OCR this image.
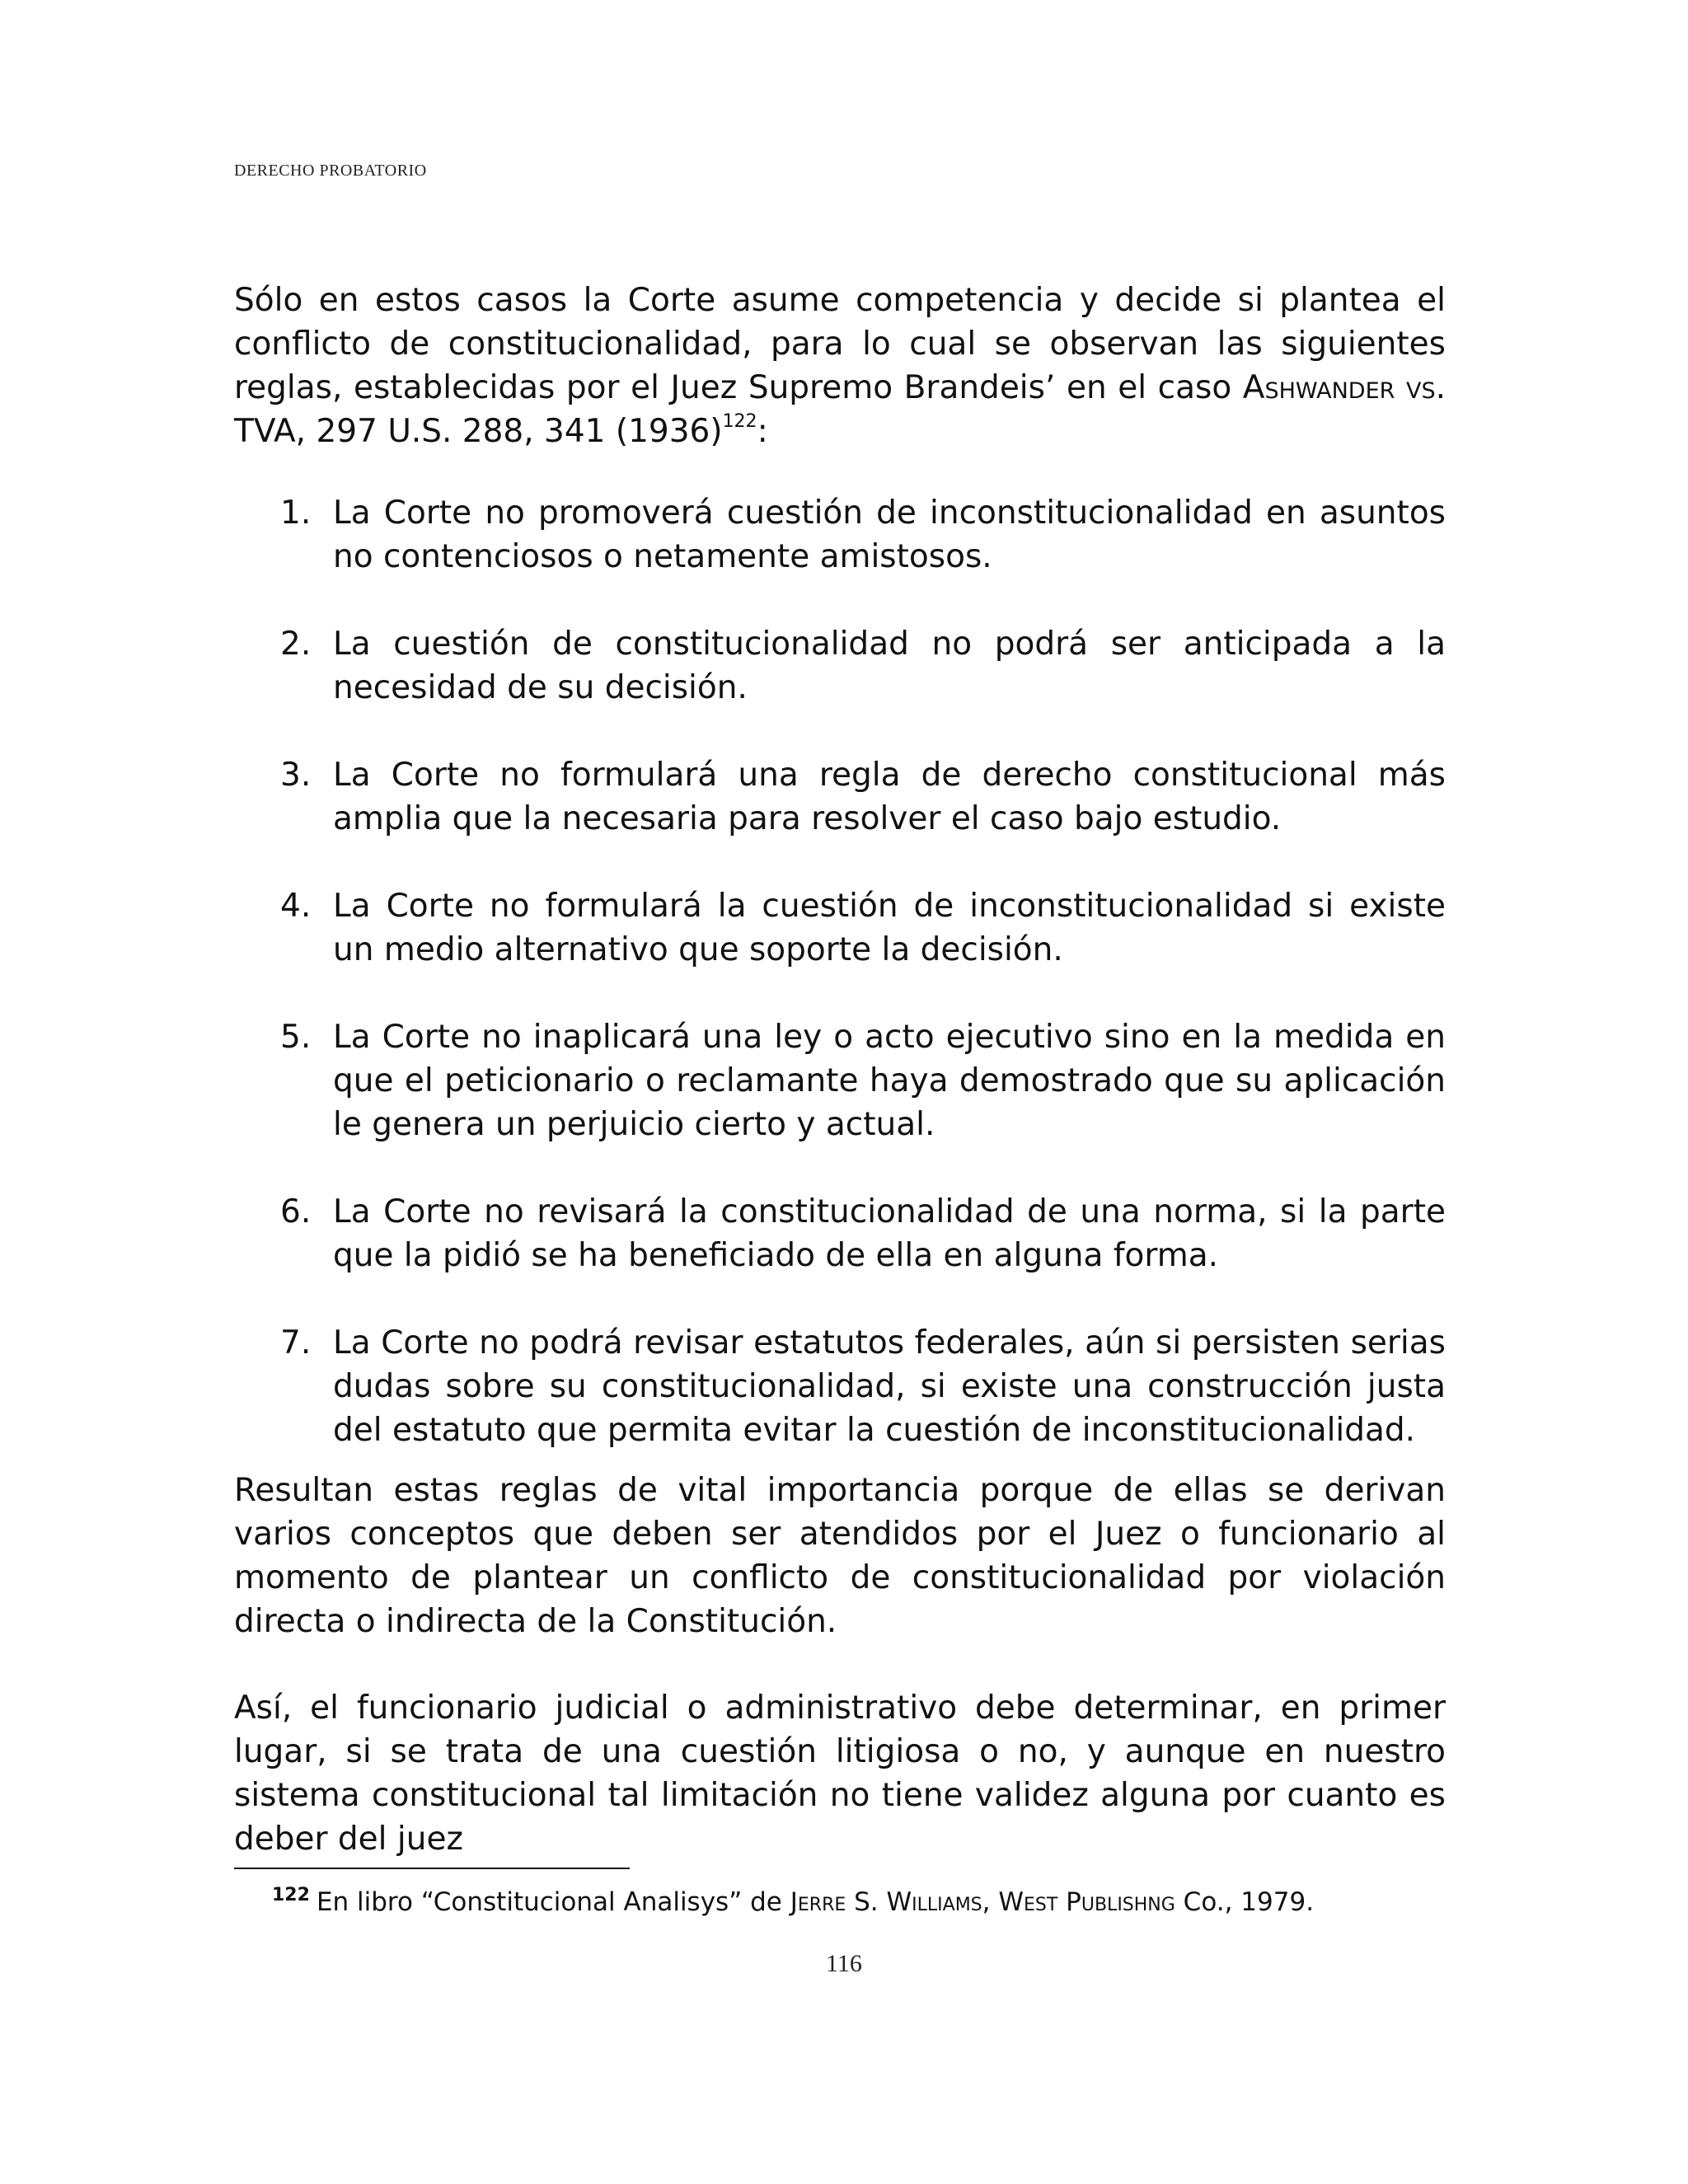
DERECHO PROBATORIO

Sólo en estos casos la Corte asume competencia y decide si plantea el conflicto de constitucionalidad, para lo cual se observan las siguientes reglas, establecidas por el Juez Supremo Brandeis’ en el caso Ashwander vs. TVA, 297 U.S. 288, 341 $(1936)^{122}$:

1. La Corte no promoverá cuestión de inconstitucionalidad en asuntos no contenciosos o netamente amistosos.
2. La cuestión de constitucionalidad no podrá ser anticipada a la necesidad de su decisión.
3. La Corte no formulará una regla de derecho constitucional más amplia que la necesaria para resolver el caso bajo estudio.
4. La Corte no formulará la cuestión de inconstitucionalidad si existe un medio alternativo que soporte la decisión.
5. La Corte no inaplicará una ley o acto ejecutivo sino en la medida en que el peticionario o reclamante haya demostrado que su aplicación le genera un perjuicio cierto y actual.
6. La Corte no revisará la constitucionalidad de una norma, si la parte que la pidió se ha beneficiado de ella en alguna forma.
7. La Corte no podrá revisar estatutos federales, aún si persisten serias dudas sobre su constitucionalidad, si existe una construcción justa del estatuto que permita evitar la cuestión de inconstitucionalidad.

Resultan estas reglas de vital importancia porque de ellas se derivan varios conceptos que deben ser atendidos por el Juez o funcionario al momento de plantear un conflicto de constitucionalidad por violación directa o indirecta de la Constitución.

Así, el funcionario judicial o administrativo debe determinar, en primer lugar, si se trata de una cuestión litigiosa o no, y aunque en nuestro sistema constitucional tal limitación no tiene validez alguna por cuanto es deber del juez

$^{122}$ En libro “Constitucional Analisys” de Jerre S. Williams, West Publishng Co., 1979.
116
